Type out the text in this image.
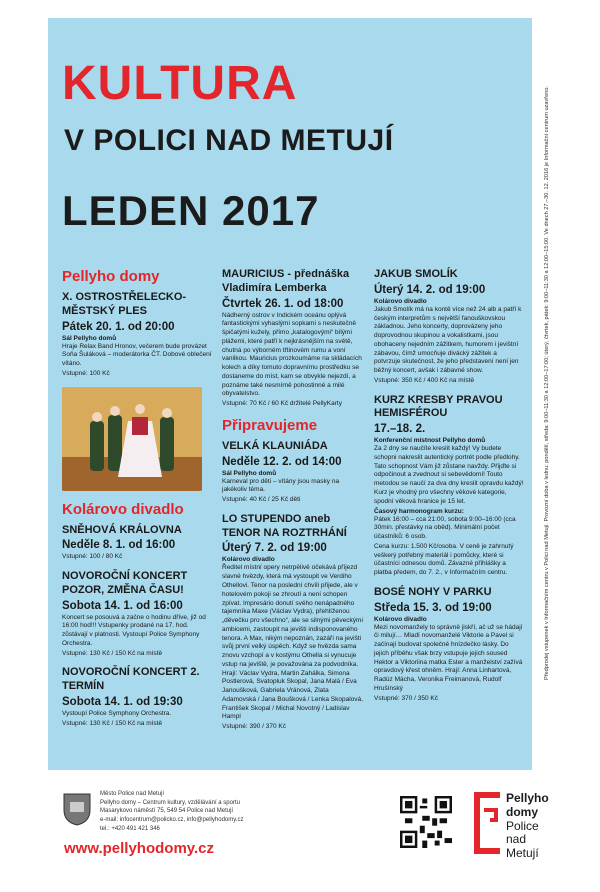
KULTURA
V POLICI NAD METUJÍ
LEDEN 2017
Pellyho domy
X. OSTROSTŘELECKO-MĚSTSKÝ PLES
Pátek 20. 1. od 20:00
Sál Pellyho domů
Hraje Relax Band Hronov, večerem bude provázet Soňa Šuláková – moderátorka ČT. Dobové oblečení vítáno.
Vstupné: 100 Kč
Kolárovo divadlo
SNĚHOVÁ KRÁLOVNA
Neděle 8. 1. od 16:00
Vstupné: 100 / 80 Kč
NOVOROČNÍ KONCERT POZOR, ZMĚNA ČASU!
Sobota 14. 1. od 16:00
Koncert se posouvá a začne o hodinu dříve, již od 16:00 hod!!! Vstupenky prodané na 17. hod. zůstávají v platnosti. Vystoupí Police Symphony Orchestra.
Vstupné: 130 Kč / 150 Kč na místě
NOVOROČNÍ KONCERT 2. TERMÍN
Sobota 14. 1. od 19:30
Vystoupí Police Symphony Orchestra.
Vstupné: 130 Kč / 150 Kč na místě
MAURICIUS - přednáška Vladimíra Lemberka
Čtvrtek 26. 1. od 18:00
Nádherný ostrov v Indickém oceánu oplývá fantastickými vyhaslými sopkami s neskutečně špičatými kužely, přímo „katalogovými“ bílými plážemi, které patří k nejkrásnějším na světě, chutná po výborném třtinovém rumu a voní vanilkou. Mauricius prozkoumáme na skládacích kolech a díky tomuto dopravnímu prostředku se dostaneme do míst, kam se obvykle nejezdí, a poznáme také nesmírně pohostinné a milé obyvatelstvo.
Vstupné: 70 Kč / 60 Kč držitelé PellyKarty
Připravujeme
VELKÁ KLAUNIÁDA
Neděle 12. 2. od 14:00
Sál Pellyho domů
Karneval pro děti – vítány jsou masky na jakékoliv téma.
Vstupné: 40 Kč / 25 Kč děti
LO STUPENDO aneb TENOR NA ROZTRHÁNÍ
Úterý 7. 2. od 19:00
Kolárovo divadlo
Ředitel místní opery netrpělivě očekává příjezd slavné hvězdy, která má vystoupit ve Verdiho Othellovi. Tenor na poslední chvíli přijede, ale v hotelovém pokoji se zhroutí a není schopen zpívat. Impresário donutí svého nenápadného tajemníka Maxe (Václav Vydra), přehlíženou „děvečku pro všechno“, ale se silnými pěveckými ambicemi, zastoupit na jevišti indisponovaného tenora. A Max, nikým nepoznán, zazáří na jevišti svůj první velký úspěch. Když se hvězda sama znovu vzchopí a v kostýmu Othella si vynucuje vstup na jeviště, je považována za podvodníka. Hrají: Václav Vydra, Martin Zahálka, Simona Postlerová, Svatopluk Skopal, Jana Malá / Eva Janoušková, Gabriela Vránová, Zlata Adamovská / Jana Boušková / Lenka Skopalová, František Skopal / Michal Novotný / Ladislav Hampl
Vstupné: 390 / 370 Kč
JAKUB SMOLÍK
Úterý 14. 2. od 19:00
Kolárovo divadlo
Jakub Smolík má na kontě více než 24 alb a patří k českým interpretům s největší fanouškovskou základnou. Jeho koncerty, doprovázeny jeho doprovodnou skupinou a vokalistkami, jsou obohaceny nejedním zážitkem, humorem i jevištní zábavou, čímž umocňuje divácký zážitek a potvrzuje skutečnost, že jeho představení není jen běžný koncert, avšak i zábavné show.
Vstupné: 350 Kč / 400 Kč na místě
KURZ KRESBY PRAVOU HEMISFÉROU
17.–18. 2.
Konferenční místnost Pellyho domů
Za 2 dny se naučíte kreslit každý! Vy budete schopni nakreslit autentický portrét podle předlohy. Tato schopnost Vám již zůstane navždy. Přijďte si odpočinout a zvednout si sebevědomí! Touto metodou se naučí za dva dny kreslit opravdu každý! Kurz je vhodný pro všechny věkové kategorie, spodní věková hranice je 15 let.
Časový harmonogram kurzu:
Pátek 16:00 – cca 21:00, sobota 9:00–16:00 (cca 30min. přestávky na oběd). Minimální počet účastníků: 6 osob.
Cena kurzu: 1.500 Kč/osoba. V ceně je zahrnutý veškerý potřebný materiál i pomůcky, které si účastníci odnesou domů. Závazné přihlášky a platba předem, do 7. 2., v Informačním centru.
BOSÉ NOHY V PARKU
Středa 15. 3. od 19:00
Kolárovo divadlo
Mezi novomanžely to správně jiskří, ač už se hádají či milují… Mladí novomanželé Viktorie a Pavel si začínají budovat společné hnízdečko lásky. Do jejich příběhu však brzy vstupuje jejich soused Hektor a Viktoriina matka Ester a manželství zažívá opravdový křest ohněm. Hrají: Anna Linhartová, Radúz Mácha, Veronika Freimanová, Rudolf Hrušínský
Vstupné: 370 / 350 Kč
Předprodej vstupenek v Informačním centru v Polici nad Metují. Provozní doba v lednu: pondělí, středa: 9:00–11:30 a 12:00–17:00; úterý, čtvrtek, pátek: 9:00–11:30 a 12:00–15:00. Ve dnech 27.–30. 12. 2016 je Informační centrum uzavřeno.
Město Police nad Metují
Pellyho domy – Centrum kultury, vzdělávání a sportu
Masarykovo náměstí 75, 549 54 Police nad Metují
e-mail: infocentrum@policko.cz, info@pellyhodomy.cz
tel.: +420 491 421 346
www.pellyhodomy.cz
Pellyho
domy
Police
nad
Metují
